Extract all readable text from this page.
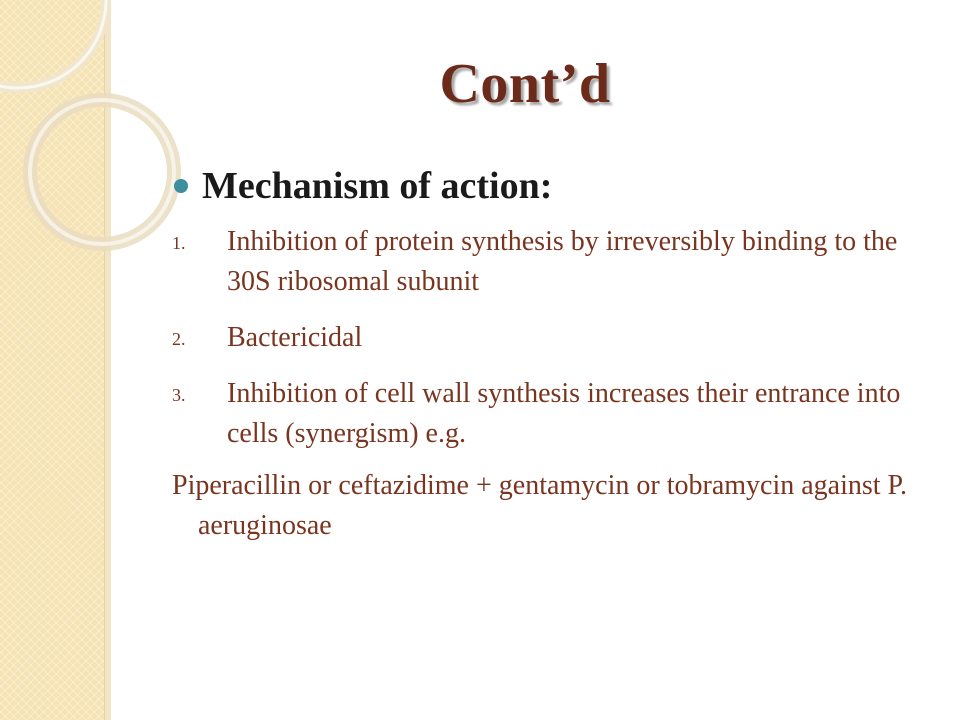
Cont’d
Mechanism of action:
1. Inhibition of protein synthesis by irreversibly binding to the 30S ribosomal subunit
2. Bactericidal
3. Inhibition of cell wall synthesis increases their entrance into cells (synergism) e.g.
Piperacillin or ceftazidime + gentamycin or tobramycin against P. aeruginosae
